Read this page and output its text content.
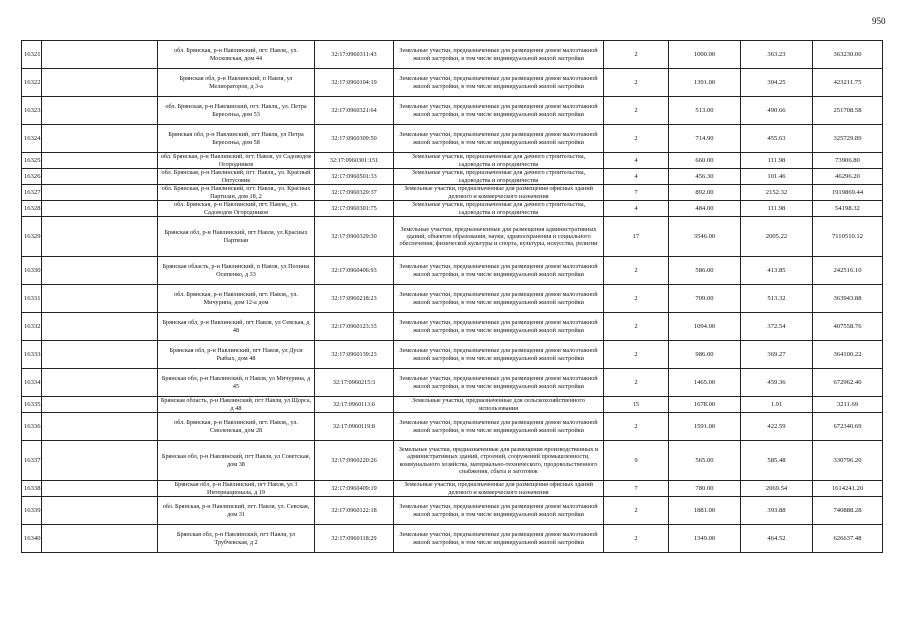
950
16321		обл. Брянская, р-н Навлинский, пгт. Навля,, ул. Московская, дом 44	32:17:0960311:43	Земельные участки, предназначенные для размещения домов малоэтажной жилой застройки, в том числе индивидуальной жилой застройки	2	1000.00	363.23	363230.00
16322		Брянская обл, р-н Навлинский, п Навля, ул Мелиораторов, д 3-а	32:17:0960104:19	Земельные участки, предназначенные для размещения домов малоэтажной жилой застройки, в том числе индивидуальной жилой застройки	2	1391.00	304.25	423211.75
16323		обл. Брянская, р-н Навлинский, пгт. Навля,, ул. Петра Бересеньа, дом 53	32:17:0960321:64	Земельные участки, предназначенные для размещения домов малоэтажной жилой застройки, в том числе индивидуальной жилой застройки	2	513.00	490.66	251708.58
16324		Брянская обл, р-н Навлинский, пгт Навля, ул Петра Бересеньа, дом 58	32:17:0960309:50	Земельные участки, предназначенные для размещения домов малоэтажной жилой застройки, в том числе индивидуальной жилой застройки	2	714.90	455.63	325729.89
16325		обл. Брянская, р-н Навлинский, пгт. Навля, ул Садоводов Огородников	32:17:0960301:151	Земельные участки, предназначенные для дачного строительства, садоводства и огородничества	4	660.00	111.98	73906.80
16326		обл. Брянская, р-н Навлинский, пгт. Навля,, ул. Красный Оптусовик	32:17:0960501:33	Земельные участки, предназначенные для дачного строительства, садоводства и огородничества	4	456.30	101.46	46296.20
16327		обл. Брянская, р-н Навлинский, пгт. Навля,, ул. Красных Партизан, дом 18, 2	32:17:0960329:37	Земельные участки, предназначенные для размещения офисных зданий делового и коммерческого назначения	7	892.00	2152.32	1919869.44
16328		обл. Брянская, р-н Навлинский, пгт. Навля,, ул. Садоводов Огородников	32:17:0960301:75	Земельные участки, предназначенные для дачного строительства, садоводства и огородничества	4	484.00	111.98	54198.32
16329		Брянская обл, р-н Навлинский, пгт Навля, ул Красных Партизан	32:17:0960329:30	Земельные участки, предназначенные для размещения административных зданий, объектов образования, науки, здравоохранения и социального обеспечения, физической культуры и спорта, культуры, искусства, религии	17	3546.00	2005.22	7110510.12
16330		Брянская область, р-н Навлинский, п Навля, ул Полины Осипенко, д 33	32:17:0960406:93	Земельные участки, предназначенные для размещения домов малоэтажной жилой застройки, в том числе индивидуальной жилой застройки	2	586.00	413.85	242516.10
16331		обл. Брянская, р-н Навлинский, пгт. Навля,, ул. Мичурина, дом 12-а дом	32:17:0960218:23	Земельные участки, предназначенные для размещения домов малоэтажной жилой застройки, в том числе индивидуальной жилой застройки	2	709.00	513.32	363943.88
16332		Брянская обл, р-н Навлинский, пгт Навля, ул Севская, д 48	32:17:0960123:33	Земельные участки, предназначенные для размещения домов малоэтажной жилой застройки, в том числе индивидуальной жилой застройки	2	1094.00	372.54	407558.76
16333		Брянская обл, р-н Навлинский, пгт Навля, ул Дуси Рыбых, дом 48	32:17:0960139:23	Земельные участки, предназначенные для размещения домов малоэтажной жилой застройки, в том числе индивидуальной жилой застройки	2	986.00	369.27	364100.22
16334		Брянская обл, р-н Навлинский, п Навля, ул Мичурина, д 45	32:17:0960215:3	Земельные участки, предназначенные для размещения домов малоэтажной жилой застройки, в том числе индивидуальной жилой застройки	2	1465.00	459.36	672962.40
16335		Брянская область, р-н Навлинский, пгт Навля, ул Щорса, д 48	32:17:0960113:6	Земельные участки, предназначенные для сельскохозяйственного использования	15	1678.00	1.91	3211.69
16336		обл. Брянская, р-н Навлинский, пгт. Навля,, ул. Смоленская, дом 28	32:17:0960119:8	Земельные участки, предназначенные для размещения домов малоэтажной жилой застройки, в том числе индивидуальной жилой застройки	2	1591.00	422.59	672340.69
16337		Брянская обл, р-н Навлинский, пгт Навля, ул Советская, дом 38	32:17:0960220:26	Земельные участки, предназначенные для размещения производственных и административных зданий, строений, сооружений промышленности, коммунального хозяйства, материально-технического, продовольственного снабжения, сбыта и заготовок	9	565.00	585.48	330796.20
16338		Брянская обл, р-н Навлинский, пгт Навля, ул 3 Интернационала, д 19	32:17:0960409:19	Земельные участки, предназначенные для размещения офисных зданий делового и коммерческого назначения	7	780.00	2069.54	1614241.20
16339		обл. Брянская, р-н Навлинский, пгт. Навля, ул. Севская, дом 31	32:17:0960122:18	Земельные участки, предназначенные для размещения домов малоэтажной жилой застройки, в том числе индивидуальной жилой застройки	2	1881.00	393.88	740888.28
16340		Брянская обл, р-н Навлинский, пгт Навля, ул Трубчевская, д 2	32:17:0960118:29	Земельные участки, предназначенные для размещения домов малоэтажной жилой застройки, в том числе индивидуальной жилой застройки	2	1349.00	464.52	626637.48
